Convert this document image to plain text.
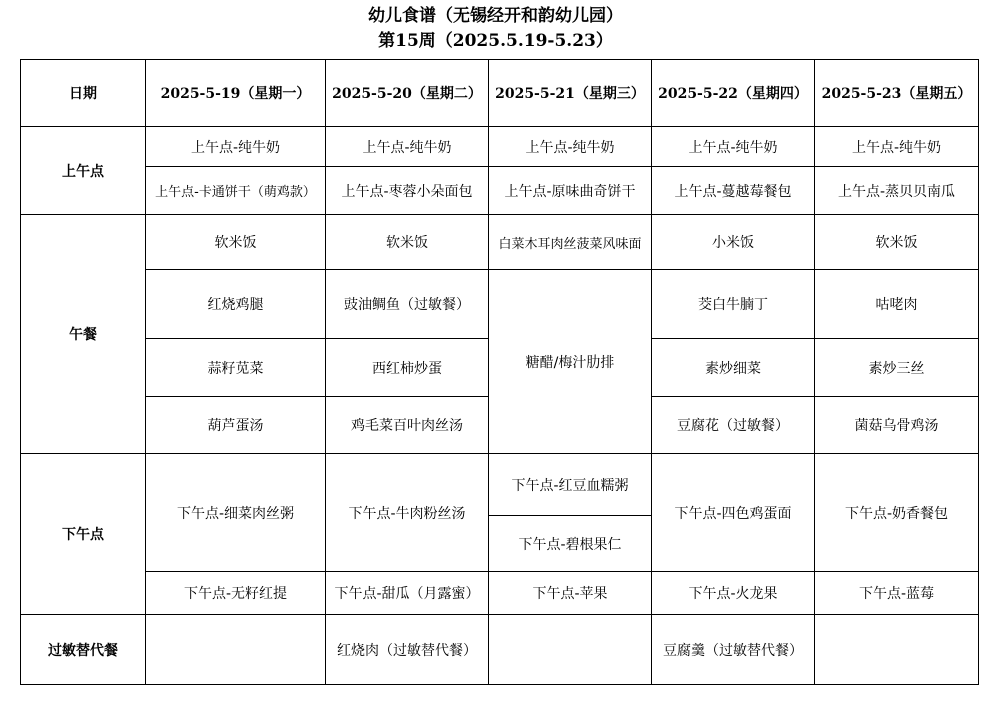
幼儿食谱（无锡经开和韵幼儿园）
第15周（2025.5.19-5.23）
日期	2025-5-19（星期一）	2025-5-20（星期二）	2025-5-21（星期三）	2025-5-22（星期四）	2025-5-23（星期五）
上午点	上午点-纯牛奶	上午点-纯牛奶	上午点-纯牛奶	上午点-纯牛奶	上午点-纯牛奶
	上午点-卡通饼干（萌鸡款）	上午点-枣蓉小朵面包	上午点-原味曲奇饼干	上午点-蔓越莓餐包	上午点-蒸贝贝南瓜
午餐	软米饭	软米饭	白菜木耳肉丝菠菜风味面	小米饭	软米饭
	红烧鸡腿	豉油鲷鱼（过敏餐）	糖醋/梅汁肋排	茭白牛腩丁	咕咾肉
	蒜籽苋菜	西红柿炒蛋		素炒细菜	素炒三丝
	葫芦蛋汤	鸡毛菜百叶肉丝汤		豆腐花（过敏餐）	菌菇乌骨鸡汤
下午点	下午点-细菜肉丝粥	下午点-牛肉粉丝汤	下午点-红豆血糯粥	下午点-四色鸡蛋面	下午点-奶香餐包
			下午点-碧根果仁		
	下午点-无籽红提	下午点-甜瓜（月露蜜）	下午点-苹果	下午点-火龙果	下午点-蓝莓
过敏替代餐		红烧肉（过敏替代餐）		豆腐羹（过敏替代餐）	
